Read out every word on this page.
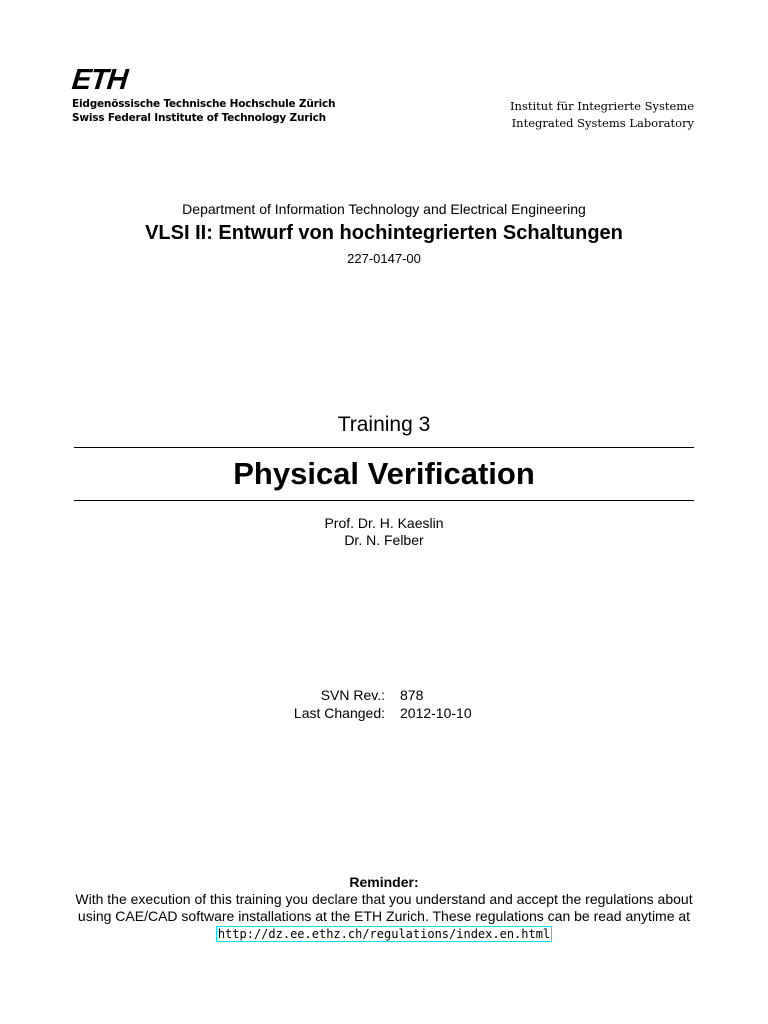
ETH
Eidgenössische Technische Hochschule Zürich
Swiss Federal Institute of Technology Zurich
Institut für Integrierte Systeme
Integrated Systems Laboratory
Department of Information Technology and Electrical Engineering
VLSI II: Entwurf von hochintegrierten Schaltungen
227-0147-00
Training 3
Physical Verification
Prof. Dr. H. Kaeslin
Dr. N. Felber
SVN Rev.: 878
Last Changed: 2012-10-10
Reminder:
With the execution of this training you declare that you understand and accept the regulations about
using CAE/CAD software installations at the ETH Zurich. These regulations can be read anytime at
http://dz.ee.ethz.ch/regulations/index.en.html
